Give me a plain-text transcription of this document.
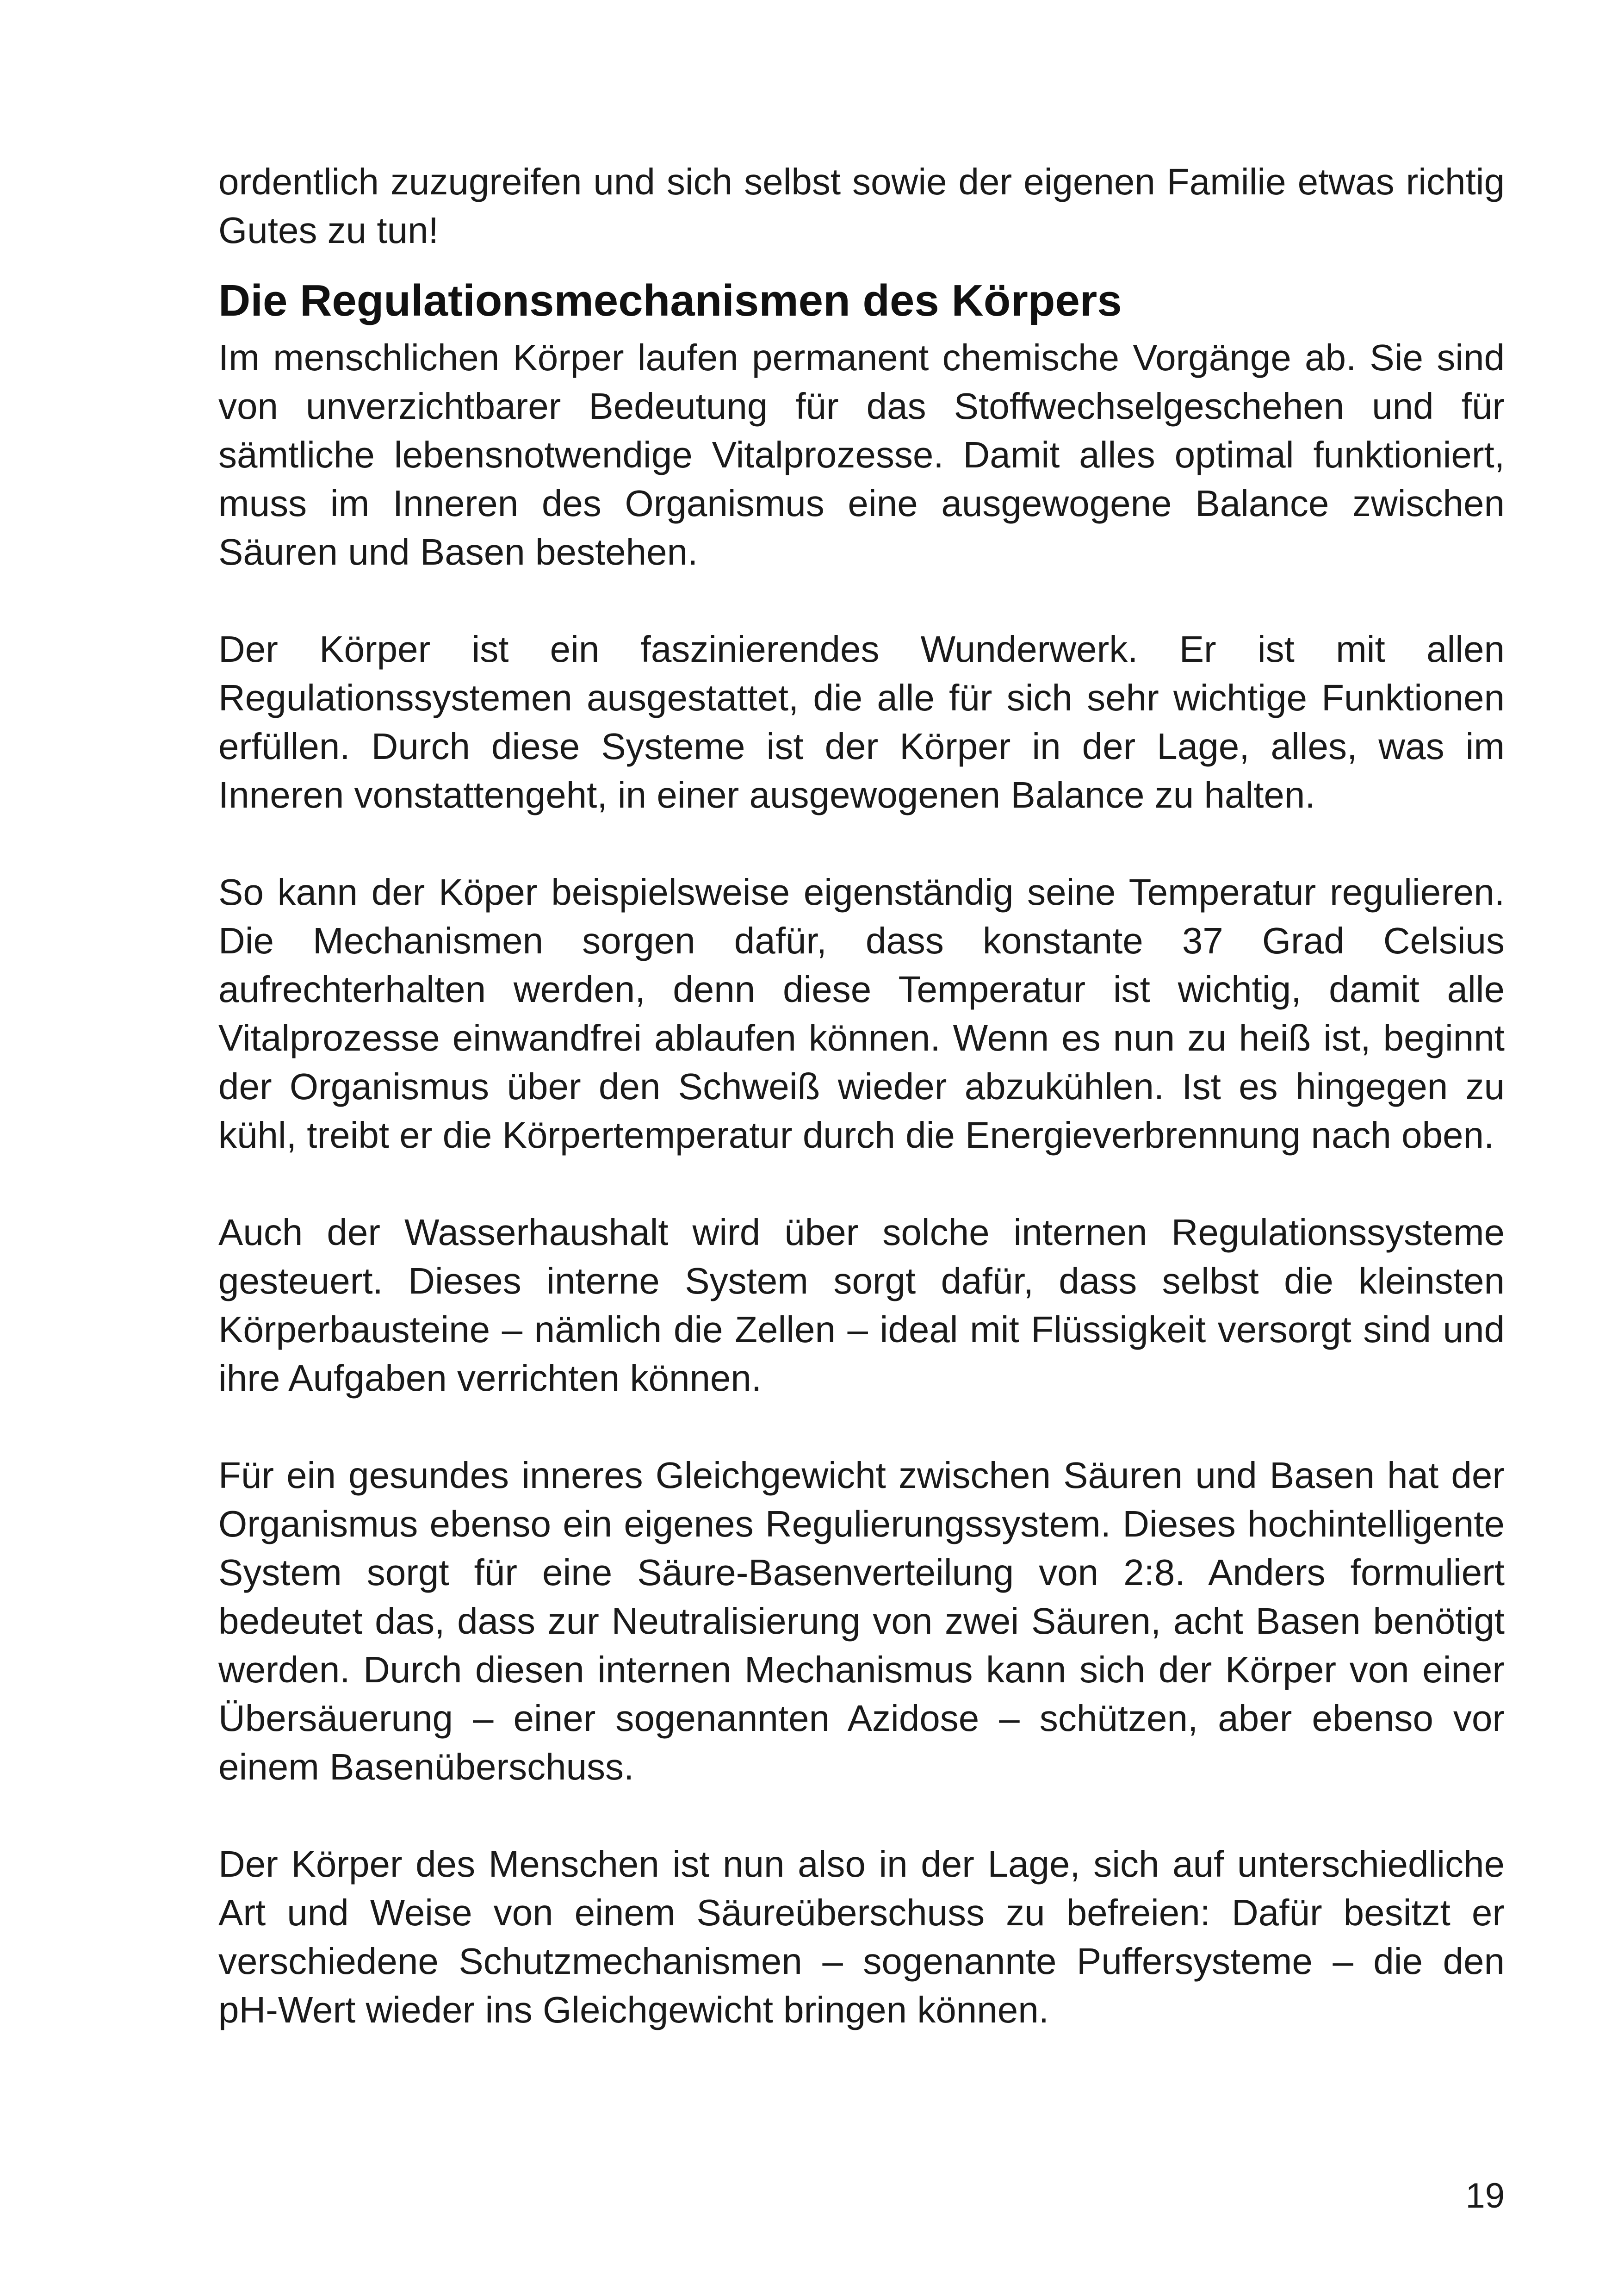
ordentlich zuzugreifen und sich selbst sowie der eigenen Familie etwas richtig Gutes zu tun!

Die Regulationsmechanismen des Körpers

Im menschlichen Körper laufen permanent chemische Vorgänge ab. Sie sind von unverzichtbarer Bedeutung für das Stoffwechselgeschehen und für sämtliche lebensnotwendige Vitalprozesse. Damit alles optimal funktioniert, muss im Inneren des Organismus eine ausgewogene Balance zwischen Säuren und Basen bestehen.

Der Körper ist ein faszinierendes Wunderwerk. Er ist mit allen Regulationssystemen ausgestattet, die alle für sich sehr wichtige Funktionen erfüllen. Durch diese Systeme ist der Körper in der Lage, alles, was im Inneren vonstattengeht, in einer ausgewogenen Balance zu halten.

So kann der Köper beispielsweise eigenständig seine Temperatur regulieren. Die Mechanismen sorgen dafür, dass konstante 37 Grad Celsius aufrechterhalten werden, denn diese Temperatur ist wichtig, damit alle Vitalprozesse einwandfrei ablaufen können. Wenn es nun zu heiß ist, beginnt der Organismus über den Schweiß wieder abzukühlen. Ist es hingegen zu kühl, treibt er die Körpertemperatur durch die Energieverbrennung nach oben.

Auch der Wasserhaushalt wird über solche internen Regulationssysteme gesteuert. Dieses interne System sorgt dafür, dass selbst die kleinsten Körperbausteine – nämlich die Zellen – ideal mit Flüssigkeit versorgt sind und ihre Aufgaben verrichten können.

Für ein gesundes inneres Gleichgewicht zwischen Säuren und Basen hat der Organismus ebenso ein eigenes Regulierungssystem. Dieses hochintelligente System sorgt für eine Säure-Basenverteilung von 2:8. Anders formuliert bedeutet das, dass zur Neutralisierung von zwei Säuren, acht Basen benötigt werden. Durch diesen internen Mechanismus kann sich der Körper von einer Übersäuerung – einer sogenannten Azidose – schützen, aber ebenso vor einem Basenüberschuss.

Der Körper des Menschen ist nun also in der Lage, sich auf unterschiedliche Art und Weise von einem Säureüberschuss zu befreien: Dafür besitzt er verschiedene Schutzmechanismen – sogenannte Puffersysteme – die den pH-Wert wieder ins Gleichgewicht bringen können.

19
